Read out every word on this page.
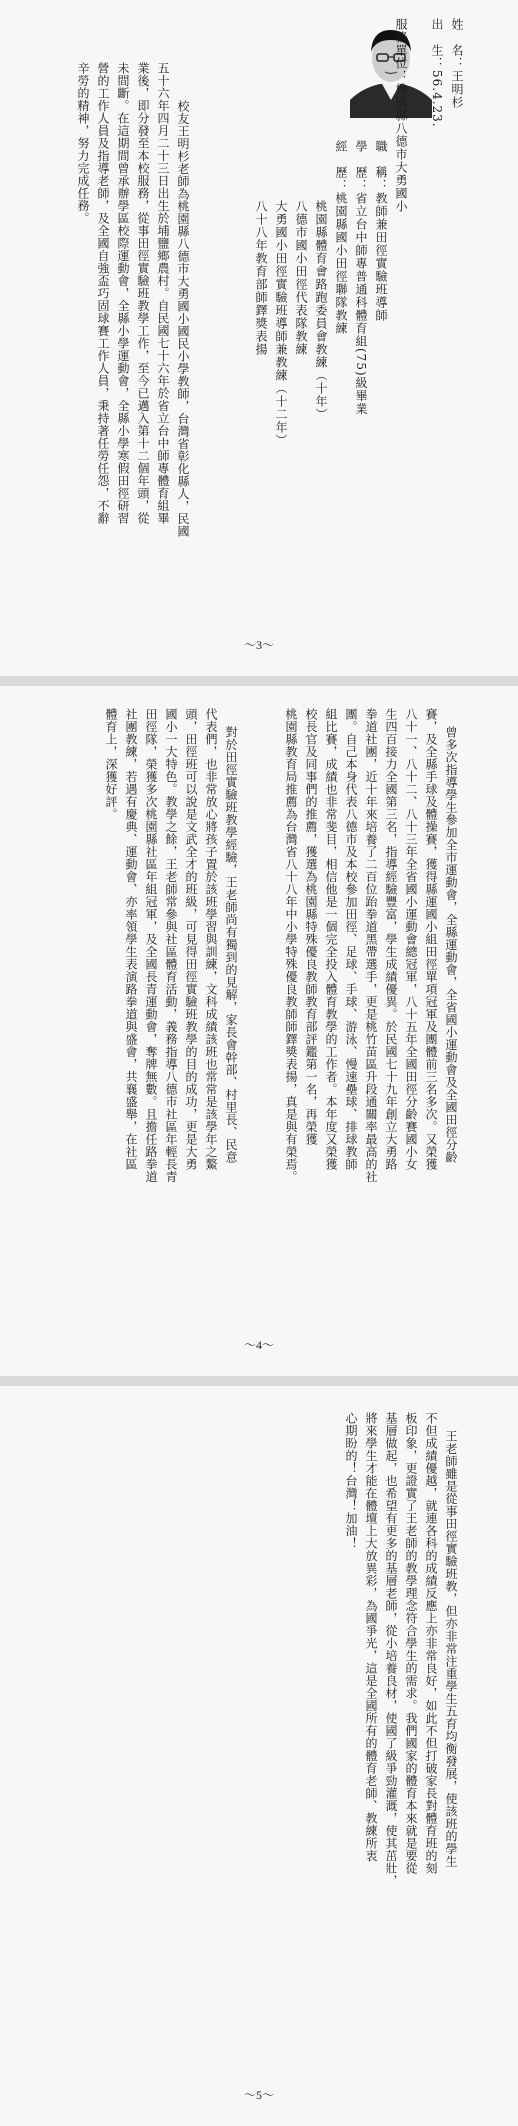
姓　名：王明杉
出　生：56.4.23.
服務單位：桃園縣八德市大勇國小
職　稱：教師兼田徑實驗班導師
學　歷：省立台中師專普通科體育組(75)級畢業
經　歷：桃園縣國小田徑聯隊教練
桃園縣體育會路跑委員會教練（十年）
八德市國小田徑代表隊教練
大勇國小田徑實驗班導師兼教練（十二年）
八十八年教育部師鐸獎表揚
校友王明杉老師為桃園縣八德市大勇國小國民小學教師，台灣省彰化縣人，民國
五十六年四月二十三日出生於埔鹽鄉農村。自民國七十六年於省立台中師專體育組畢
業後，即分發至本校服務，從事田徑實驗班教學工作，至今已邁入第十二個年頭，從
未間斷。在這期間曾承辦學區校際運動會，全縣小學運動會，全縣小學寒假田徑研習
營的工作人員及指導老師，及全國自強盃巧固球賽工作人員，秉持著任勞任怨，不辭
辛勞的精神，努力完成任務。
～3～
曾多次指導學生參加全市運動會，全縣運動會，全省國小運動會及全國田徑分齡
賽，及全縣手球及體操賽，獲得縣運國小組田徑單項冠軍及團體前三名多次。又榮獲
八十一、八十二、八十三年全省國小運動會總冠軍，八十五年全國田徑分齡賽國小女
生四百接力全國第三名，指導經驗豐富，學生成績優異。於民國七十九年創立大勇路
拳道社團，近十年來培養了二百位跆拳道黑帶選手，更是桃竹苗區升段通關率最高的社
團。自己本身代表八德市及本校參加田徑、足球、手球、游泳、慢速壘球、排球教師
組比賽，成績也非常斐目，相信他是一個完全投入體育教學的工作者。本年度又榮獲
校長官及同事們的推薦，獲選為桃園縣特殊優良教師教育部評鑑第一名，再榮獲
桃園縣教育局推薦為台灣省八十八年中小學特殊優良教師師鐸獎表揚，真是與有榮焉。
對於田徑實驗班教學經驗，王老師尚有獨到的見解，家長會幹部、村里長、民意
代表們，也非常放心將孩子置於該班學習與訓練，文科成績該班也常常是該學年之鰲
頭，田徑班可以說是文武全才的班級，可見得田徑實驗班教學的目的成功，更是大勇
國小一大特色。教學之餘，王老師常參與社區體育活動，義務指導八德市社區年輕長青
田徑隊，榮獲多次桃園縣社區年組冠軍，及全國長青運動會，奪牌無數。且擔任路拳道
社團教練，若遇有慶典、運動會、亦率領學生表演路拳道與盛會，共襄盛舉，在社區
體育上，深獲好評。
～4～
王老師雖是從事田徑實驗班教，但亦非常注重學生五育均衡發展，使該班的學生
不但成績優越，就連各科的成績反應上亦非常良好，如此不但打破家長對體育班的刻
板印象，更證實了王老師的教學理念符合學生的需求。我們國家的體育本來就是要從
基層做起，也希望有更多的基層老師，從小培養良材，使國了級爭勁灌溉，使其茁壯，
將來學生才能在體壇上大放異彩，為國爭光，這是全國所有的體育老師、教練所衷
心期盼的！台灣！加油！
～5～
